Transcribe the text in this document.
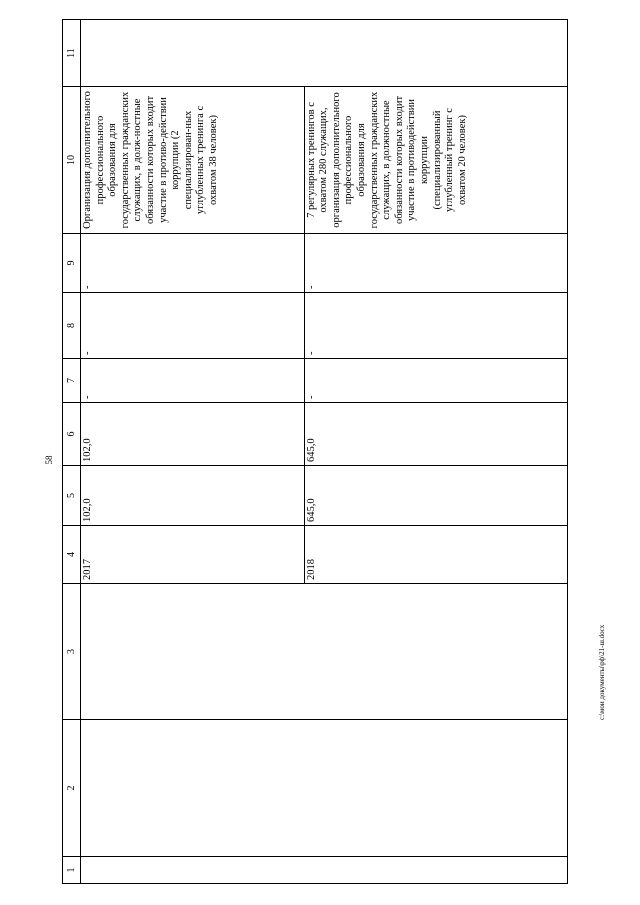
58
c:\мои документы\рф\21-ш.docx
1	2	3	4	5	6	7	8	9	10	11
			2017	102,0	102,0	-	-	-	Организация дополнительного профессионального образования для государственных гражданских служащих, в долж-ностные обязанности которых входит участие в противо-действии коррупции (2 специализирован-ных углубленных тренинга с охватом 38 человек)	
			2018	645,0	645,0	-	-	-	7 регулярных тренингов с охватом 280 служащих, организация дополнительного профессионального образования для государственных гражданских служащих, в должностные обязанности которых входит участие в противодействии коррупции (специализированный углубленный тренинг с охватом 20 человек)	
